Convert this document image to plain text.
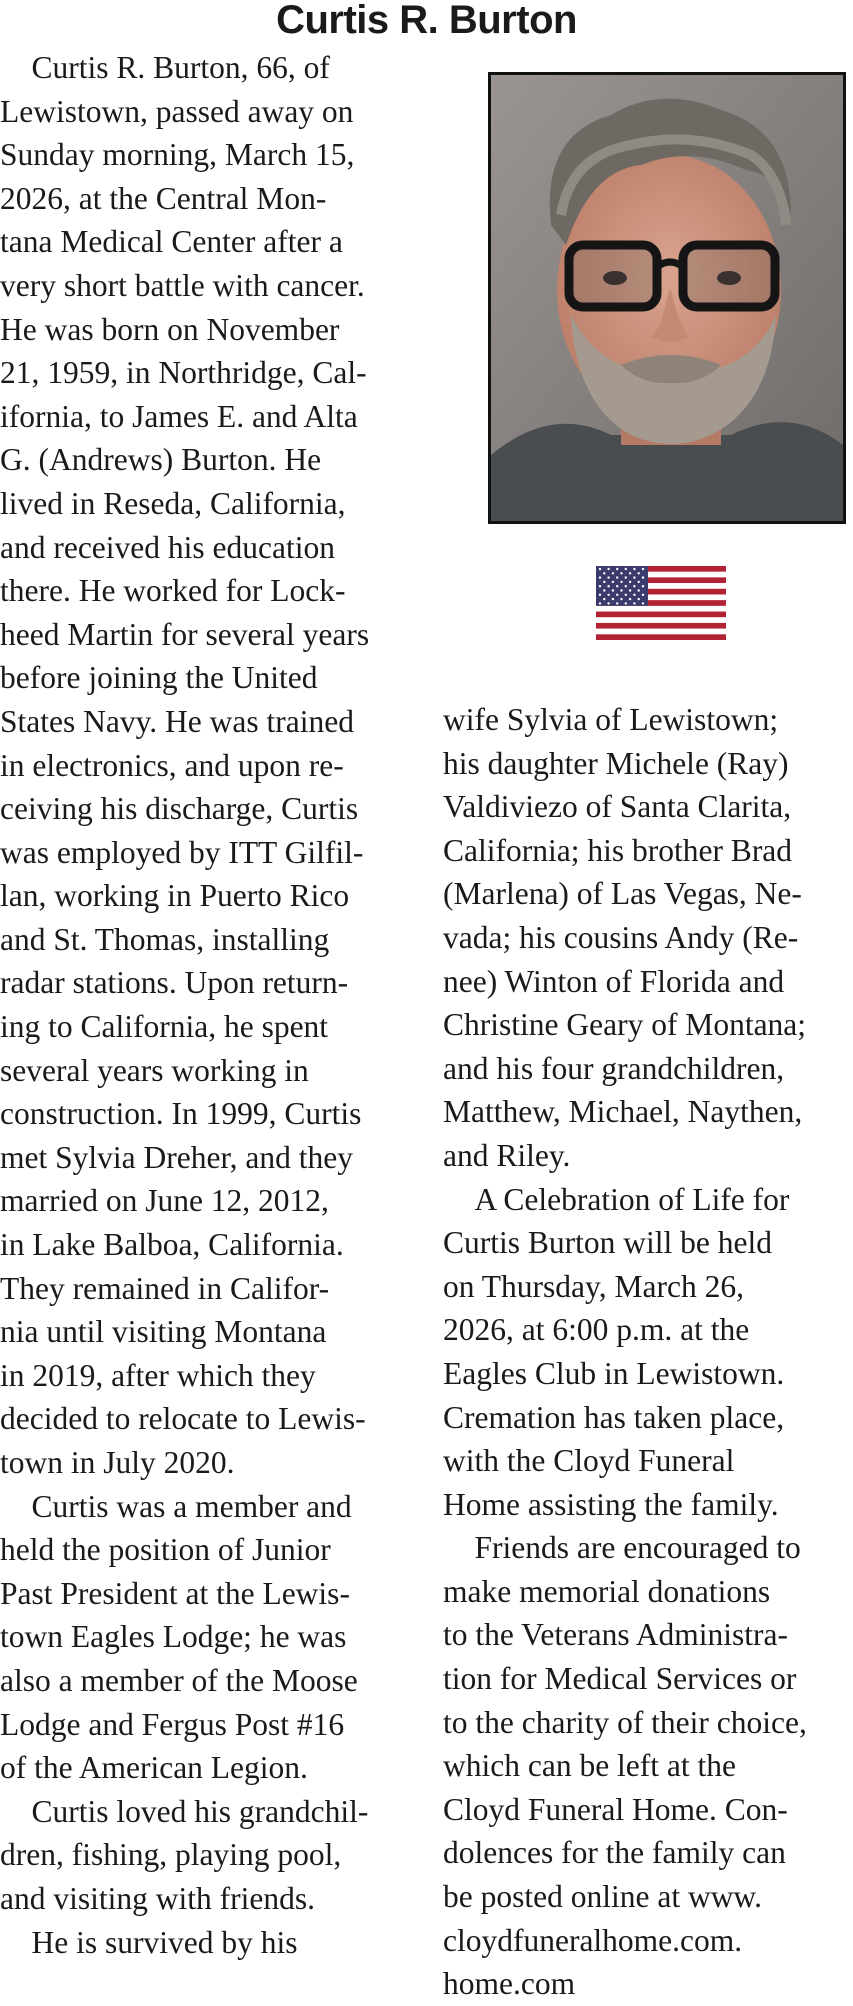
Curtis R. Burton
 Curtis R. Burton, 66, of
Lewistown, passed away on
Sunday morning, March 15,
2026, at the Central Mon-
tana Medical Center after a
very short battle with cancer.
He was born on November
21, 1959, in Northridge, Cal-
ifornia, to James E. and Alta
G. (Andrews) Burton. He
lived in Reseda, California,
and received his education
there. He worked for Lock-
heed Martin for several years
before joining the United
States Navy. He was trained
in electronics, and upon re-
ceiving his discharge, Curtis
was employed by ITT Gilfil-
lan, working in Puerto Rico
and St. Thomas, installing
radar stations. Upon return-
ing to California, he spent
several years working in
construction. In 1999, Curtis
met Sylvia Dreher, and they
married on June 12, 2012,
in Lake Balboa, California.
They remained in Califor-
nia until visiting Montana
in 2019, after which they
decided to relocate to Lewis-
town in July 2020.
 Curtis was a member and
held the position of Junior
Past President at the Lewis-
town Eagles Lodge; he was
also a member of the Moose
Lodge and Fergus Post #16
of the American Legion.
 Curtis loved his grandchil-
dren, fishing, playing pool,
and visiting with friends.
 He is survived by his
wife Sylvia of Lewistown;
his daughter Michele (Ray)
Valdiviezo of Santa Clarita,
California; his brother Brad
(Marlena) of Las Vegas, Ne-
vada; his cousins Andy (Re-
nee) Winton of Florida and
Christine Geary of Montana;
and his four grandchildren,
Matthew, Michael, Naythen,
and Riley.
 A Celebration of Life for
Curtis Burton will be held
on Thursday, March 26,
2026, at 6:00 p.m. at the
Eagles Club in Lewistown.
Cremation has taken place,
with the Cloyd Funeral
Home assisting the family.
 Friends are encouraged to
make memorial donations
to the Veterans Administra-
tion for Medical Services or
to the charity of their choice,
which can be left at the
Cloyd Funeral Home. Con-
dolences for the family can
be posted online at www.
cloydfuneralhome.com.
home.com
